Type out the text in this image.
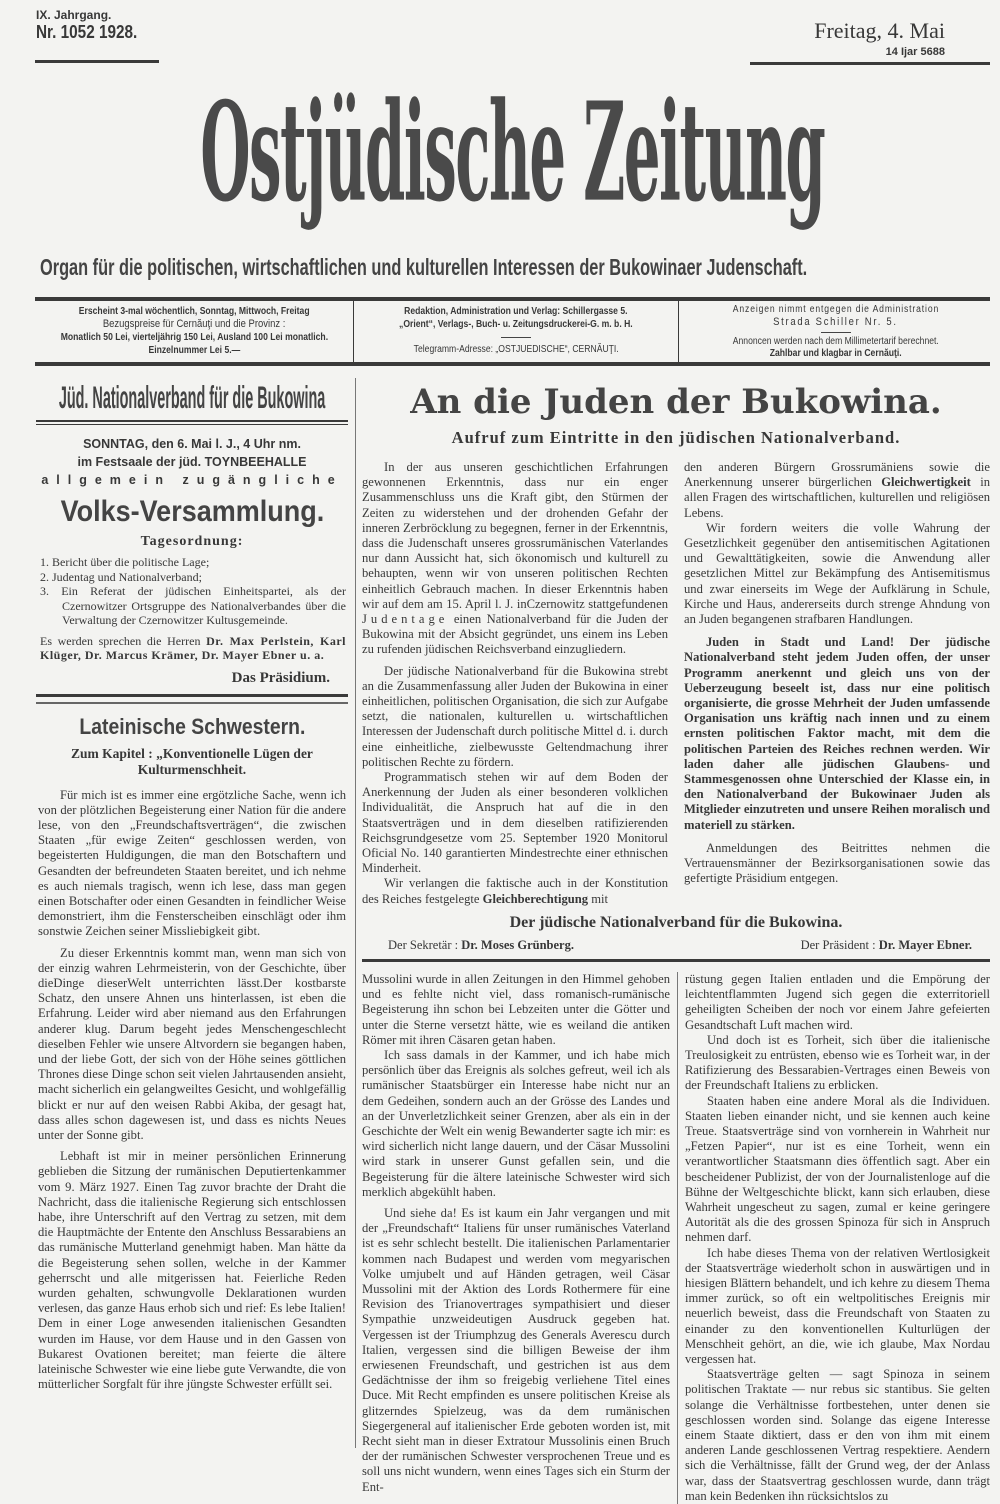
IX. Jahrgang.
Nr. 1052 1928.	Freitag, 4. Mai
14 Ijar 5688
Ostjüdische Zeitung
Organ für die politischen, wirtschaftlichen und kulturellen Interessen der Bukowinaer Judenschaft.
Erscheint 3-mal wöchentlich, Sonntag, Mittwoch, Freitag
Bezugspreise für Cernăuţi und die Provinz :
Monatlich 50 Lei, vierteljährig 150 Lei, Ausland 100 Lei monatlich.
Einzelnummer Lei 5.—
Redaktion, Administration und Verlag: Schillergasse 5.
„Orient“, Verlags-, Buch- u. Zeitungsdruckerei-G. m. b. H.
Telegramm-Adresse: „OSTJUEDISCHE“, CERNĂUŢI.
Anzeigen nimmt entgegen die Administration
Strada Schiller Nr. 5.
Annoncen werden nach dem Millimetertarif berechnet.
Zahlbar und klagbar in Cernăuţi.
Jüd. Nationalverband für die Bukowina
SONNTAG, den 6. Mai l. J., 4 Uhr nm.
im Festsaale der jüd. TOYNBEEHALLE
allgemein zugängliche
Volks-Versammlung.
Tagesordnung:
1. Bericht über die politische Lage;
2. Judentag und Nationalverband;
3. Ein Referat der jüdischen Einheitspartei, als der Czernowitzer Ortsgruppe des Nationalverbandes über die Verwaltung der Czernowitzer Kultusgemeinde.
Es werden sprechen die Herren Dr. Max Perlstein, Karl Klüger, Dr. Marcus Krämer, Dr. Mayer Ebner u. a.
Das Präsidium.
Lateinische Schwestern.
Zum Kapitel : „Konventionelle Lügen der Kulturmenschheit.

Für mich ist es immer eine ergötzliche Sache, wenn ich von der plötzlichen Begeisterung einer Nation für die andere lese, von den „Freundschaftsverträgen“, die zwischen Staaten „für ewige Zeiten“ geschlossen werden, von begeisterten Huldigungen, die man den Botschaftern und Gesandten der befreundeten Staaten bereitet, und ich nehme es auch niemals tragisch, wenn ich lese, dass man gegen einen Botschafter oder einen Gesandten in feindlicher Weise demonstriert, ihm die Fensterscheiben einschlägt oder ihm sonstwie Zeichen seiner Missliebigkeit gibt.

Zu dieser Erkenntnis kommt man, wenn man sich von der einzig wahren Lehrmeisterin, von der Geschichte, über dieDinge dieserWelt unterrichten lässt.Der kostbarste Schatz, den unsere Ahnen uns hinterlassen, ist eben die Erfahrung. Leider wird aber niemand aus den Erfahrungen anderer klug. Darum begeht jedes Menschengeschlecht dieselben Fehler wie unsere Altvordern sie begangen haben, und der liebe Gott, der sich von der Höhe seines göttlichen Thrones diese Dinge schon seit vielen Jahrtausenden ansieht, macht sicherlich ein gelangweiltes Gesicht, und wohlgefällig blickt er nur auf den weisen Rabbi Akiba, der gesagt hat, dass alles schon dagewesen ist, und dass es nichts Neues unter der Sonne gibt.

Lebhaft ist mir in meiner persönlichen Erinnerung geblieben die Sitzung der rumänischen Deputiertenkammer vom 9. März 1927. Einen Tag zuvor brachte der Draht die Nachricht, dass die italienische Regierung sich entschlossen habe, ihre Unterschrift auf den Vertrag zu setzen, mit dem die Hauptmächte der Entente den Anschluss Bessarabiens an das rumänische Mutterland genehmigt haben. Man hätte da die Begeisterung sehen sollen, welche in der Kammer geherrscht und alle mitgerissen hat. Feierliche Reden wurden gehalten, schwungvolle Deklarationen wurden verlesen, das ganze Haus erhob sich und rief: Es lebe Italien! Dem in einer Loge anwesenden italienischen Gesandten wurden im Hause, vor dem Hause und in den Gassen von Bukarest Ovationen bereitet; man feierte die ältere lateinische Schwester wie eine liebe gute Verwandte, die von mütterlicher Sorgfalt für ihre jüngste Schwester erfüllt sei.

An die Juden der Bukowina.
Aufruf zum Eintritte in den jüdischen Nationalverband.

In der aus unseren geschichtlichen Erfahrungen gewonnenen Erkenntnis, dass nur ein enger Zusammenschluss uns die Kraft gibt, den Stürmen der Zeiten zu widerstehen und der drohenden Gefahr der inneren Zerbröcklung zu begegnen, ferner in der Erkenntnis, dass die Judenschaft unseres grossrumänischen Vaterlandes nur dann Aussicht hat, sich ökonomisch und kulturell zu behaupten, wenn wir von unseren politischen Rechten einheitlich Gebrauch machen. In dieser Erkenntnis haben wir auf dem am 15. April l. J. inCzernowitz stattgefundenen Judentage einen Nationalverband für die Juden der Bukowina mit der Absicht gegründet, uns einem ins Leben zu rufenden jüdischen Reichsverband einzugliedern.

Der jüdische Nationalverband für die Bukowina strebt an die Zusammenfassung aller Juden der Bukowina in einer einheitlichen, politischen Organisation, die sich zur Aufgabe setzt, die nationalen, kulturellen u. wirtschaftlichen Interessen der Judenschaft durch politische Mittel d. i. durch eine einheitliche, zielbewusste Geltendmachung ihrer politischen Rechte zu fördern.

Programmatisch stehen wir auf dem Boden der Anerkennung der Juden als einer besonderen volklichen Individualität, die Anspruch hat auf die in den Staatsverträgen und in dem dieselben ratifizierenden Reichsgrundgesetze vom 25. September 1920 Monitorul Oficial No. 140 garantierten Mindestrechte einer ethnischen Minderheit.

Wir verlangen die faktische auch in der Konstitution des Reiches festgelegte Gleichberechtigung mit

den anderen Bürgern Grossrumäniens sowie die Anerkennung unserer bürgerlichen Gleichwertigkeit in allen Fragen des wirtschaftlichen, kulturellen und religiösen Lebens.

Wir fordern weiters die volle Wahrung der Gesetzlichkeit gegenüber den antisemitischen Agitationen und Gewalttätigkeiten, sowie die Anwendung aller gesetzlichen Mittel zur Bekämpfung des Antisemitismus und zwar einerseits im Wege der Aufklärung in Schule, Kirche und Haus, andererseits durch strenge Ahndung von an Juden begangenen strafbaren Handlungen.

Juden in Stadt und Land! Der jüdische Nationalverband steht jedem Juden offen, der unser Programm anerkennt und gleich uns von der Ueberzeugung beseelt ist, dass nur eine politisch organisierte, die grosse Mehrheit der Juden umfassende Organisation uns kräftig nach innen und zu einem ernsten politischen Faktor macht, mit dem die politischen Parteien des Reiches rechnen werden. Wir laden daher alle jüdischen Glaubens- und Stammesgenossen ohne Unterschied der Klasse ein, in den Nationalverband der Bukowinaer Juden als Mitglieder einzutreten und unsere Reihen moralisch und materiell zu stärken.

Anmeldungen des Beitrittes nehmen die Vertrauensmänner der Bezirksorganisationen sowie das gefertigte Präsidium entgegen.

Der jüdische Nationalverband für die Bukowina.
Der Sekretär : Dr. Moses Grünberg.	Der Präsident : Dr. Mayer Ebner.

Mussolini wurde in allen Zeitungen in den Himmel gehoben und es fehlte nicht viel, dass romanisch-rumänische Begeisterung ihn schon bei Lebzeiten unter die Götter und unter die Sterne versetzt hätte, wie es weiland die antiken Römer mit ihren Cäsaren getan haben.

Ich sass damals in der Kammer, und ich habe mich persönlich über das Ereignis als solches gefreut, weil ich als rumänischer Staatsbürger ein Interesse habe nicht nur an dem Gedeihen, sondern auch an der Grösse des Landes und an der Unverletzlichkeit seiner Grenzen, aber als ein in der Geschichte der Welt ein wenig Bewanderter sagte ich mir: es wird sicherlich nicht lange dauern, und der Cäsar Mussolini wird stark in unserer Gunst gefallen sein, und die Begeisterung für die ältere lateinische Schwester wird sich merklich abgekühlt haben.

Und siehe da! Es ist kaum ein Jahr vergangen und mit der „Freundschaft“ Italiens für unser rumänisches Vaterland ist es sehr schlecht bestellt. Die italienischen Parlamentarier kommen nach Budapest und werden vom megyarischen Volke umjubelt und auf Händen getragen, weil Cäsar Mussolini mit der Aktion des Lords Rothermere für eine Revision des Trianovertrages sympathisiert und dieser Sympathie unzweideutigen Ausdruck gegeben hat. Vergessen ist der Triumphzug des Generals Averescu durch Italien, vergessen sind die billigen Beweise der ihm erwiesenen Freundschaft, und gestrichen ist aus dem Gedächtnisse der ihm so freigebig verliehene Titel eines Duce. Mit Recht empfinden es unsere politischen Kreise als glitzerndes Spielzeug, was da dem rumänischen Siegergeneral auf italienischer Erde geboten worden ist, mit Recht sieht man in dieser Extratour Mussolinis einen Bruch der der rumänischen Schwester versprochenen Treue und es soll uns nicht wundern, wenn eines Tages sich ein Sturm der Ent-

rüstung gegen Italien entladen und die Empörung der leichtentflammten Jugend sich gegen die exterritoriell geheiligten Scheiben der noch vor einem Jahre gefeierten Gesandtschaft Luft machen wird.

Und doch ist es Torheit, sich über die italienische Treulosigkeit zu entrüsten, ebenso wie es Torheit war, in der Ratifizierung des Bessarabien-Vertrages einen Beweis von der Freundschaft Italiens zu erblicken.

Staaten haben eine andere Moral als die Individuen. Staaten lieben einander nicht, und sie kennen auch keine Treue. Staatsverträge sind von vornherein in Wahrheit nur „Fetzen Papier“, nur ist es eine Torheit, wenn ein verantwortlicher Staatsmann dies öffentlich sagt. Aber ein bescheidener Publizist, der von der Journalistenloge auf die Bühne der Weltgeschichte blickt, kann sich erlauben, diese Wahrheit ungescheut zu sagen, zumal er keine geringere Autorität als die des grossen Spinoza für sich in Anspruch nehmen darf.

Ich habe dieses Thema von der relativen Wertlosigkeit der Staatsverträge wiederholt schon in auswärtigen und in hiesigen Blättern behandelt, und ich kehre zu diesem Thema immer zurück, so oft ein weltpolitisches Ereignis mir neuerlich beweist, dass die Freundschaft von Staaten zu einander zu den konventionellen Kulturlügen der Menschheit gehört, an die, wie ich glaube, Max Nordau vergessen hat.

Staatsverträge gelten — sagt Spinoza in seinem politischen Traktate — nur rebus sic stantibus. Sie gelten solange die Verhältnisse fortbestehen, unter denen sie geschlossen worden sind. Solange das eigene Interesse einem Staate diktiert, dass er den von ihm mit einem anderen Lande geschlossenen Vertrag respektiere. Aendern sich die Verhältnisse, fällt der Grund weg, der der Anlass war, dass der Staatsvertrag geschlossen wurde, dann trägt man kein Bedenken ihn rücksichtslos zu
